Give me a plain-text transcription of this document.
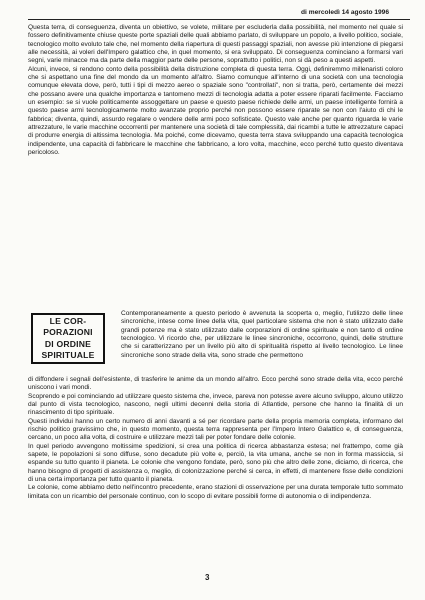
di mercoledì 14 agosto 1996

Questa terra, di conseguenza, diventa un obiettivo, se volete, militare per escluderla dalla possibilità, nel momento nel quale si fossero definitivamente chiuse queste porte spaziali delle quali abbiamo parlato, di sviluppare un popolo, a livello politico, sociale, tecnologico molto evoluto tale che, nel momento della riapertura di questi passaggi spaziali, non avesse più intenzione di piegarsi alle necessità, ai voleri dell'Impero galattico che, in quel momento, si era sviluppato. Di conseguenza cominciano a formarsi vari segni, varie minacce ma da parte della maggior parte delle persone, soprattutto i politici, non si dà peso a questi aspetti.

Alcuni, invece, si rendono conto della possibilità della distruzione completa di questa terra. Oggi, definiremmo millenaristi coloro che si aspettano una fine del mondo da un momento all'altro. Siamo comunque all'interno di una società con una tecnologia comunque elevata dove, però, tutti i tipi di mezzo aereo o spaziale sono "controllati", non si tratta, però, certamente dei mezzi che possano avere una qualche importanza e tantomeno mezzi di tecnologia adatta a poter essere riparati facilmente. Facciamo un esempio: se si vuole politicamente assoggettare un paese e questo paese richiede delle armi, un paese intelligente fornirà a questo paese armi tecnologicamente molto avanzate proprio perché non possono essere riparate se non con l'aiuto di chi le fabbrica; diventa, quindi, assurdo regalare o vendere delle armi poco sofisticate. Questo vale anche per quanto riguarda le varie attrezzature, le varie macchine occorrenti per mantenere una società di tale complessità, dai ricambi a tutte le attrezzature capaci di produrre energia di altissima tecnologia. Ma poiché, come dicevamo, questa terra stava sviluppando una capacità tecnologica indipendente, una capacità di fabbricare le macchine che fabbricano, a loro volta, macchine, ecco perché tutto questo diventava pericoloso.

LE COR-
PORAZIONI
DI ORDINE
SPIRITUALE

Contemporaneamente a questo periodo è avvenuta la scoperta o, meglio, l'utilizzo delle linee sincroniche, intese come linee della vita, quel particolare sistema che non è stato utilizzato dalle grandi potenze ma è stato utilizzato dalle corporazioni di ordine spirituale e non tanto di ordine tecnologico. Vi ricordo che, per utilizzare le linee sincroniche, occorrono, quindi, delle strutture che si caratterizzano per un livello più alto di spiritualità rispetto al livello tecnologico. Le linee sincroniche sono strade della vita, sono strade che permettono

di diffondere i segnali dell'esistente, di trasferire le anime da un mondo all'altro. Ecco perché sono strade della vita, ecco perché uniscono i vari mondi.

Scoprendo e poi cominciando ad utilizzare questo sistema che, invece, pareva non potesse avere alcuno sviluppo, alcuno utilizzo dal punto di vista tecnologico, nascono, negli ultimi decenni della storia di Atlantide, persone che hanno la finalità di un rinascimento di tipo spirituale.

Questi individui hanno un certo numero di anni davanti a sé per ricordare parte della propria memoria completa, informano del rischio politico gravissimo che, in questo momento, questa terra rappresenta per l'Impero Intero Galattico e, di conseguenza, cercano, un poco alla volta, di costruire e utilizzare mezzi tali per poter fondare delle colonie.

In quel periodo avvengono moltissime spedizioni, si crea una politica di ricerca abbastanza estesa; nel frattempo, come già sapete, le popolazioni si sono diffuse, sono decadute più volte e, perciò, la vita umana, anche se non in forma massiccia, si espande su tutto quanto il pianeta. Le colonie che vengono fondate, però, sono più che altro delle zone, diciamo, di ricerca, che hanno bisogno di progetti di assistenza o, meglio, di colonizzazione perché si cerca, in effetti, di mantenere fisse delle condizioni di una certa importanza per tutto quanto il pianeta.

Le colonie, come abbiamo detto nell'incontro precedente, erano stazioni di osservazione per una durata temporale tutto sommato limitata con un ricambio del personale continuo, con lo scopo di evitare possibili forme di autonomia o di indipendenza.

3
